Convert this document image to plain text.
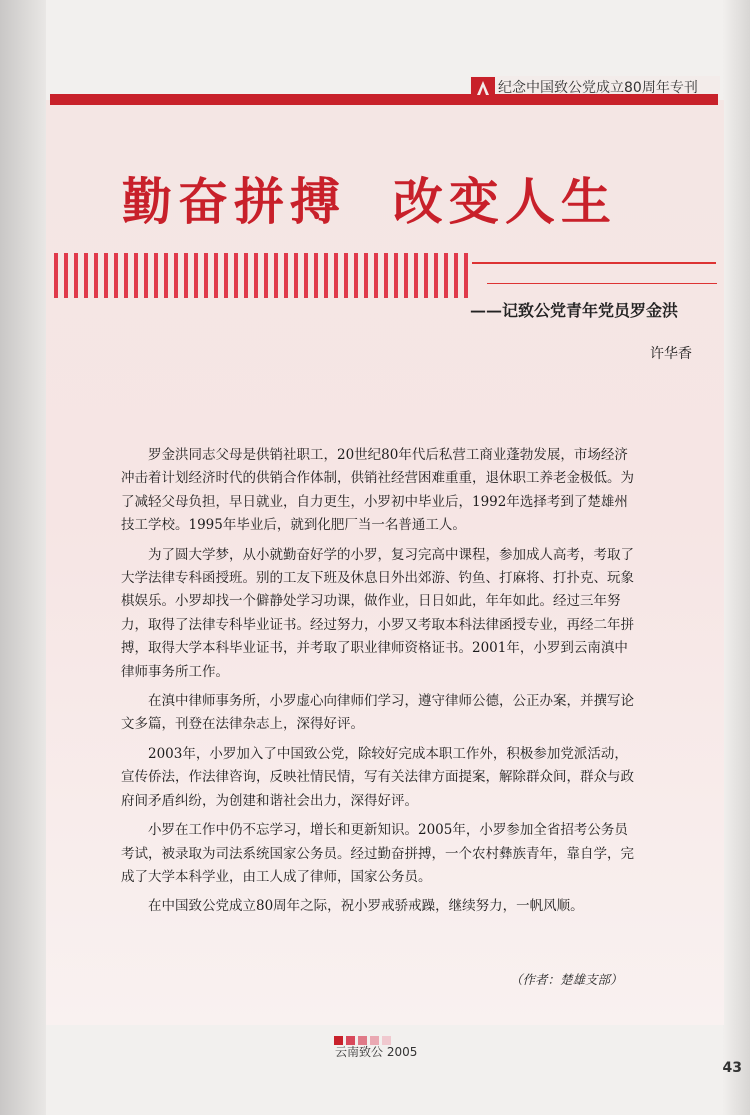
纪念中国致公党成立80周年专刊
勤奋拼搏  改变人生
——记致公党青年党员罗金洪
许华香

罗金洪同志父母是供销社职工，20世纪80年代后私营工商业蓬勃发展，市场经济冲击着计划经济时代的供销合作体制，供销社经营困难重重，退休职工养老金极低。为了减轻父母负担，早日就业，自力更生，小罗初中毕业后，1992年选择考到了楚雄州技工学校。1995年毕业后，就到化肥厂当一名普通工人。

为了圆大学梦，从小就勤奋好学的小罗，复习完高中课程，参加成人高考，考取了大学法律专科函授班。别的工友下班及休息日外出郊游、钓鱼、打麻将、打扑克、玩象棋娱乐。小罗却找一个僻静处学习功课，做作业，日日如此，年年如此。经过三年努力，取得了法律专科毕业证书。经过努力，小罗又考取本科法律函授专业，再经二年拼搏，取得大学本科毕业证书，并考取了职业律师资格证书。2001年，小罗到云南滇中律师事务所工作。

在滇中律师事务所，小罗虚心向律师们学习，遵守律师公德，公正办案，并撰写论文多篇，刊登在法律杂志上，深得好评。

2003年，小罗加入了中国致公党，除较好完成本职工作外，积极参加党派活动，宣传侨法，作法律咨询，反映社情民情，写有关法律方面提案，解除群众间，群众与政府间矛盾纠纷，为创建和谐社会出力，深得好评。

小罗在工作中仍不忘学习，增长和更新知识。2005年，小罗参加全省招考公务员考试，被录取为司法系统国家公务员。经过勤奋拼搏，一个农村彝族青年，靠自学，完成了大学本科学业，由工人成了律师，国家公务员。

在中国致公党成立80周年之际，祝小罗戒骄戒躁，继续努力，一帆风顺。

（作者：楚雄支部）
云南致公 2005
43
